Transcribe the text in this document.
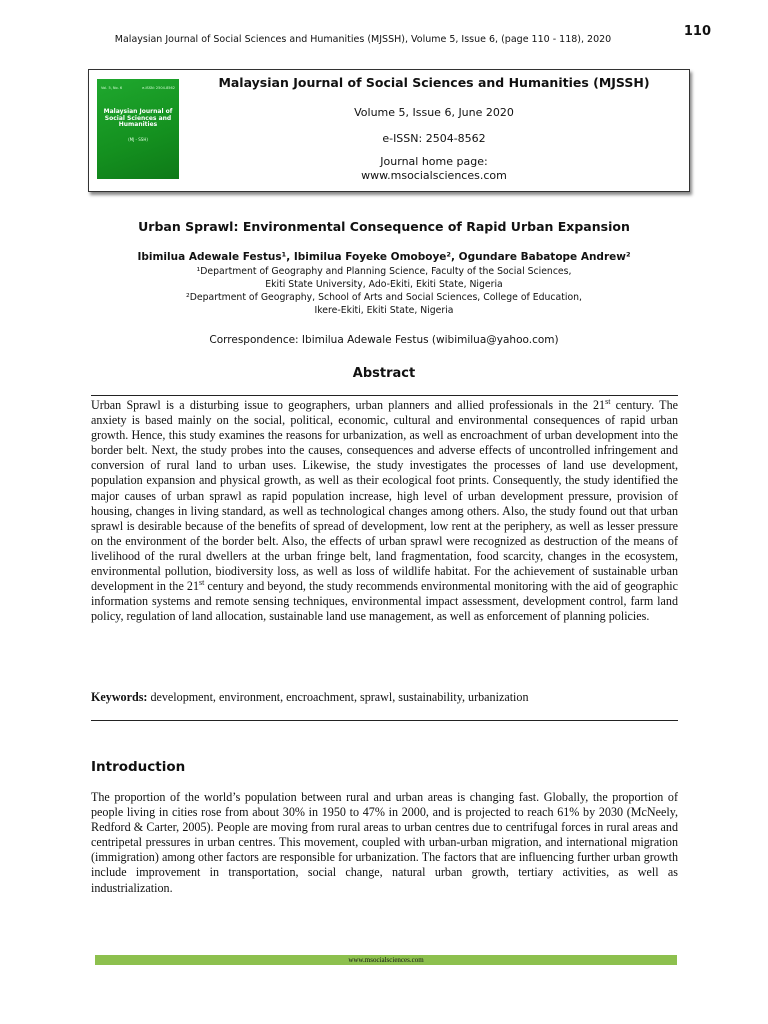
110
Malaysian Journal of Social Sciences and Humanities (MJSSH), Volume 5, Issue 6, (page 110 - 118), 2020
Vol. 5, No. 6	e-ISSN: 2504-8562
Malaysian Journal of Social Sciences and Humanities
(MJ - SSH)
Malaysian Journal of Social Sciences and Humanities (MJSSH)
Volume 5, Issue 6, June 2020
e-ISSN: 2504-8562
Journal home page:
www.msocialsciences.com
Urban Sprawl: Environmental Consequence of Rapid Urban Expansion
Ibimilua Adewale Festus¹, Ibimilua Foyeke Omoboye², Ogundare Babatope Andrew²
¹Department of Geography and Planning Science, Faculty of the Social Sciences,
Ekiti State University, Ado-Ekiti, Ekiti State, Nigeria
²Department of Geography, School of Arts and Social Sciences, College of Education,
Ikere-Ekiti, Ekiti State, Nigeria
Correspondence: Ibimilua Adewale Festus (wibimilua@yahoo.com)
Abstract
Urban Sprawl is a disturbing issue to geographers, urban planners and allied professionals in the 21st century. The anxiety is based mainly on the social, political, economic, cultural and environmental consequences of rapid urban growth. Hence, this study examines the reasons for urbanization, as well as encroachment of urban development into the border belt. Next, the study probes into the causes, consequences and adverse effects of uncontrolled infringement and conversion of rural land to urban uses. Likewise, the study investigates the processes of land use development, population expansion and physical growth, as well as their ecological foot prints. Consequently, the study identified the major causes of urban sprawl as rapid population increase, high level of urban development pressure, provision of housing, changes in living standard, as well as technological changes among others. Also, the study found out that urban sprawl is desirable because of the benefits of spread of development, low rent at the periphery, as well as lesser pressure on the environment of the border belt. Also, the effects of urban sprawl were recognized as destruction of the means of livelihood of the rural dwellers at the urban fringe belt, land fragmentation, food scarcity, changes in the ecosystem, environmental pollution, biodiversity loss, as well as loss of wildlife habitat. For the achievement of sustainable urban development in the 21st century and beyond, the study recommends environmental monitoring with the aid of geographic information systems and remote sensing techniques, environmental impact assessment, development control, farm land policy, regulation of land allocation, sustainable land use management, as well as enforcement of planning policies.
Keywords: development, environment, encroachment, sprawl, sustainability, urbanization
Introduction
The proportion of the world’s population between rural and urban areas is changing fast. Globally, the proportion of people living in cities rose from about 30% in 1950 to 47% in 2000, and is projected to reach 61% by 2030 (McNeely, Redford & Carter, 2005). People are moving from rural areas to urban centres due to centrifugal forces in rural areas and centripetal pressures in urban centres. This movement, coupled with urban-urban migration, and international migration (immigration) among other factors are responsible for urbanization. The factors that are influencing further urban growth include improvement in transportation, social change, natural urban growth, tertiary activities, as well as industrialization.
www.msocialsciences.com
